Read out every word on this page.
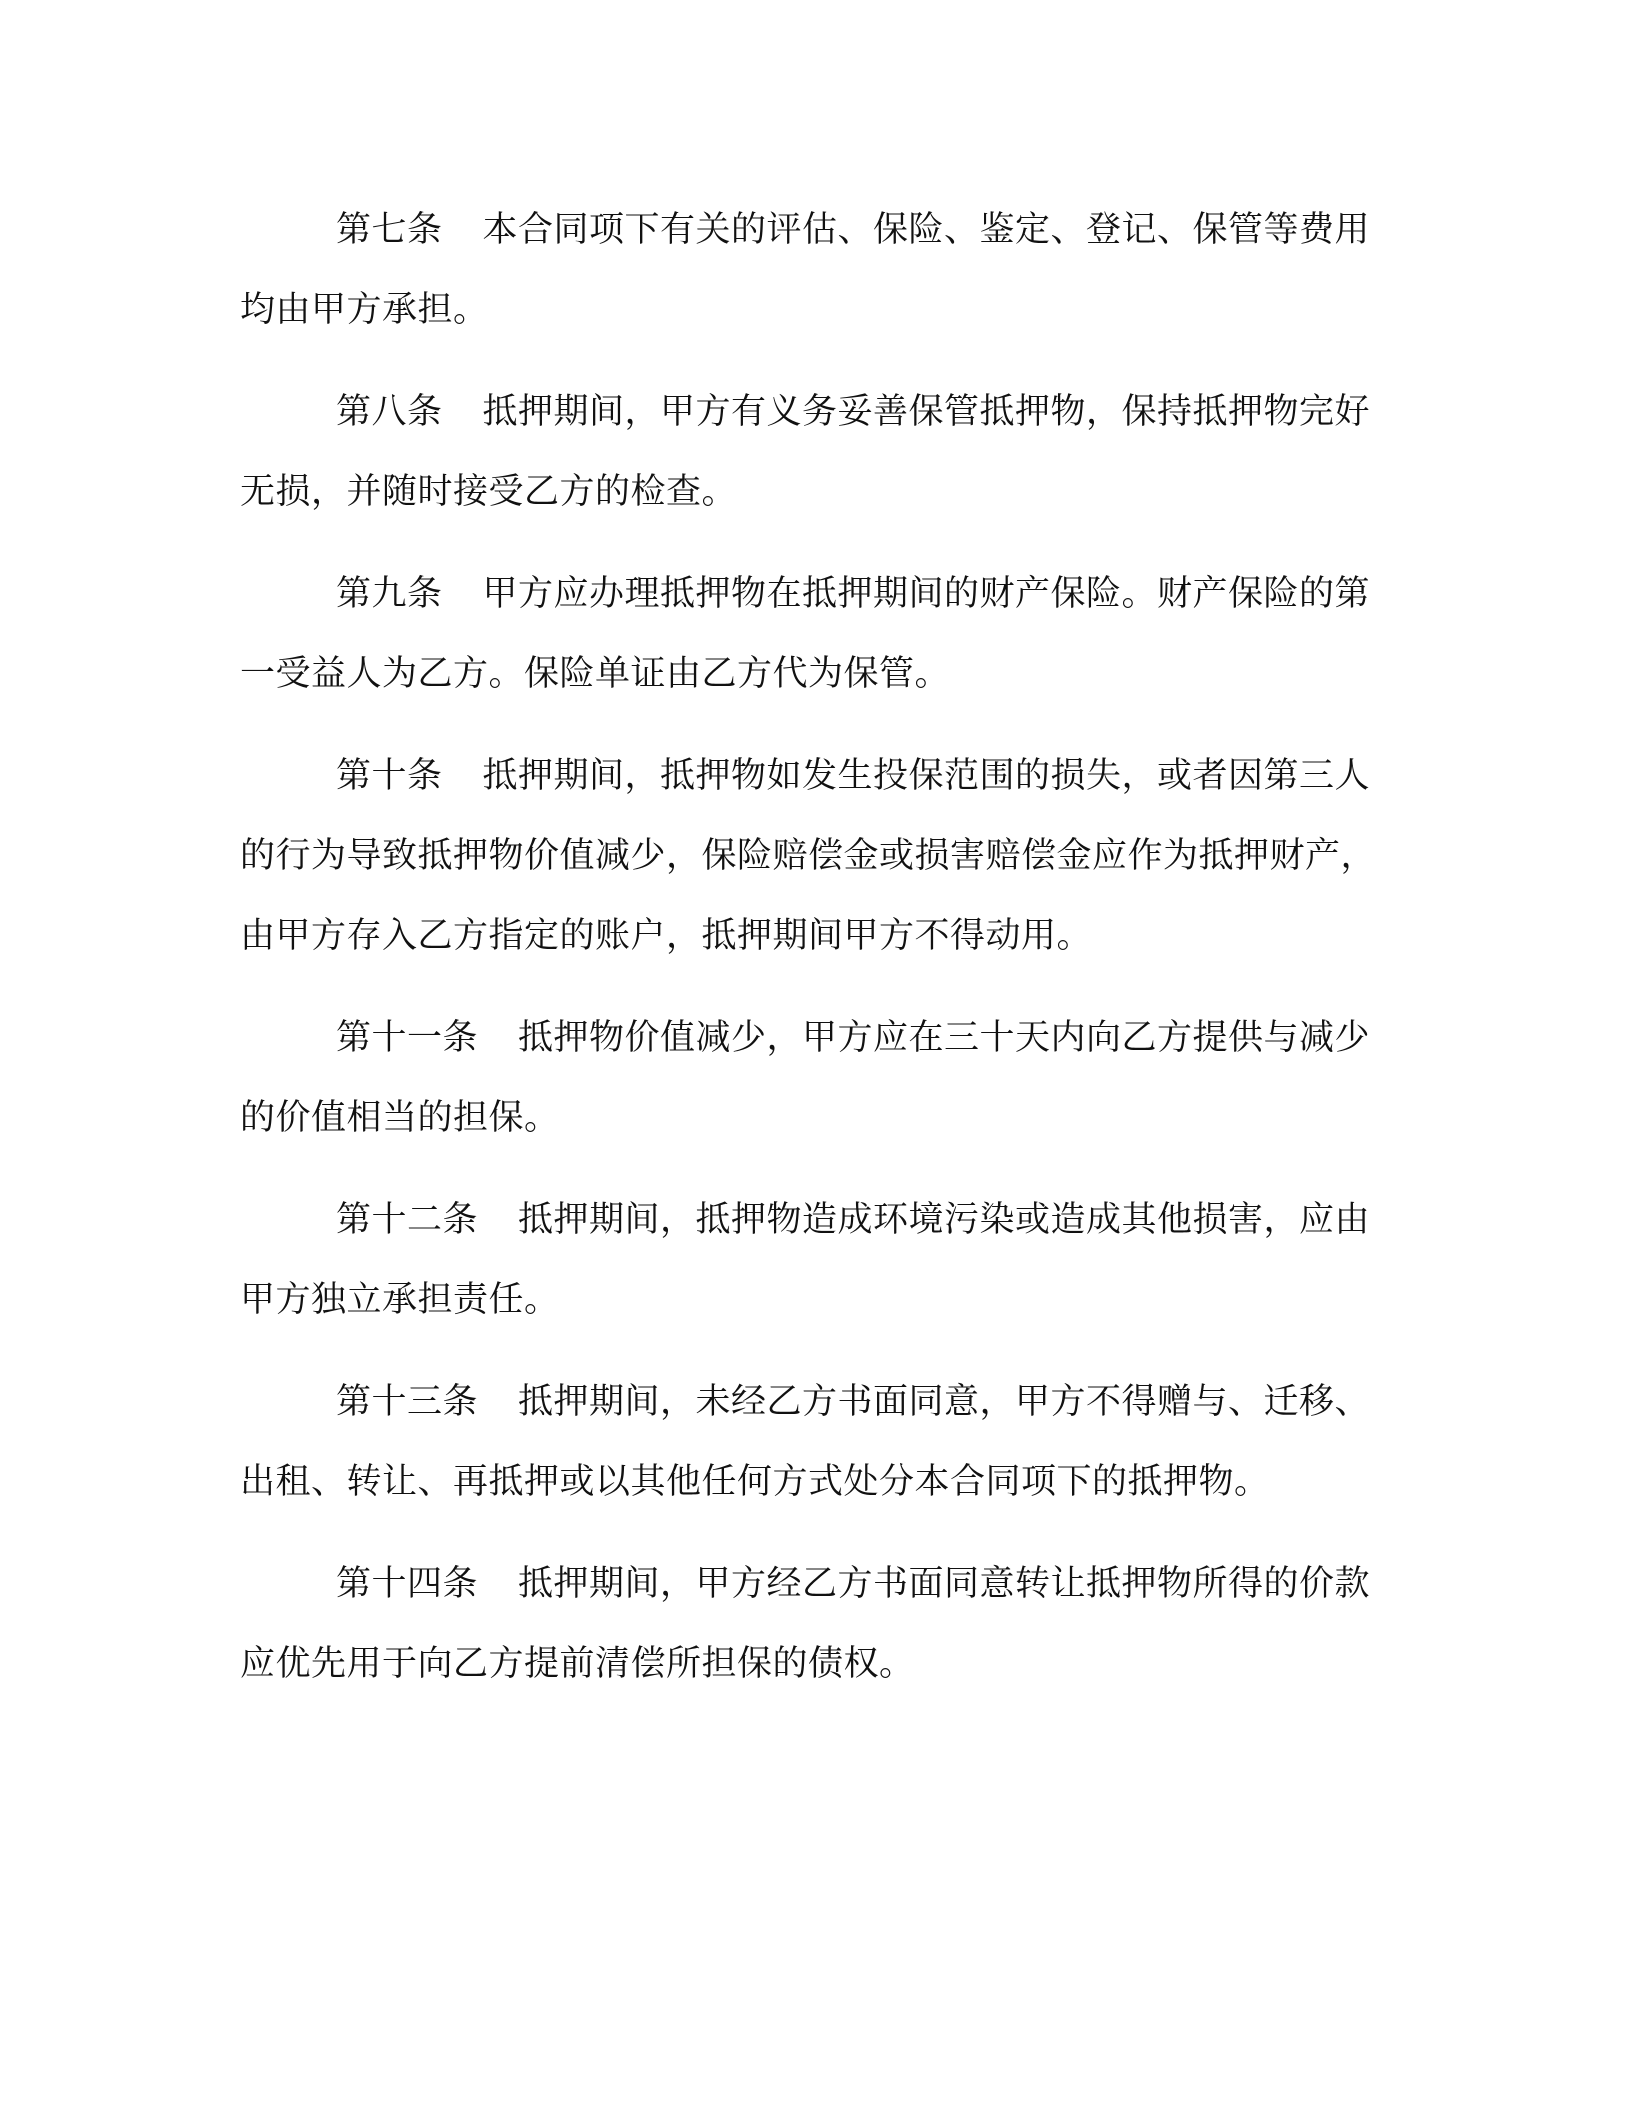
第七条 本合同项下有关的评估、保险、鉴定、登记、保管等费用均由甲方承担。

第八条 抵押期间，甲方有义务妥善保管抵押物，保持抵押物完好无损，并随时接受乙方的检查。

第九条 甲方应办理抵押物在抵押期间的财产保险。财产保险的第一受益人为乙方。保险单证由乙方代为保管。

第十条 抵押期间，抵押物如发生投保范围的损失，或者因第三人的行为导致抵押物价值减少，保险赔偿金或损害赔偿金应作为抵押财产，由甲方存入乙方指定的账户，抵押期间甲方不得动用。

第十一条 抵押物价值减少，甲方应在三十天内向乙方提供与减少的价值相当的担保。

第十二条 抵押期间，抵押物造成环境污染或造成其他损害，应由甲方独立承担责任。

第十三条 抵押期间，未经乙方书面同意，甲方不得赠与、迁移、出租、转让、再抵押或以其他任何方式处分本合同项下的抵押物。

第十四条 抵押期间，甲方经乙方书面同意转让抵押物所得的价款应优先用于向乙方提前清偿所担保的债权。
